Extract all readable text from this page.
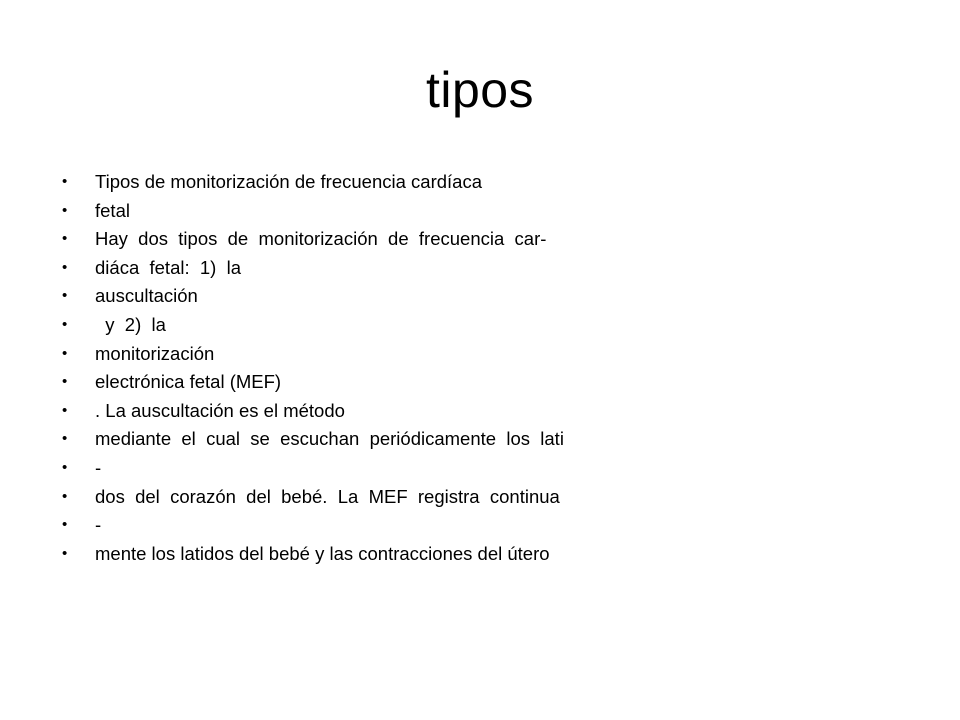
tipos
•	Tipos de monitorización de frecuencia cardíaca
•	fetal
•	Hay  dos  tipos  de  monitorización  de  frecuencia  car-
•	diáca  fetal:  1)  la
•	auscultación
•	y  2)  la
•	monitorización
•	electrónica fetal (MEF)
•	. La auscultación es el método
•	mediante  el  cual  se  escuchan  periódicamente  los  lati
•	-
•	dos  del  corazón  del  bebé.  La  MEF  registra  continua
•	-
•	mente los latidos del bebé y las contracciones del útero
